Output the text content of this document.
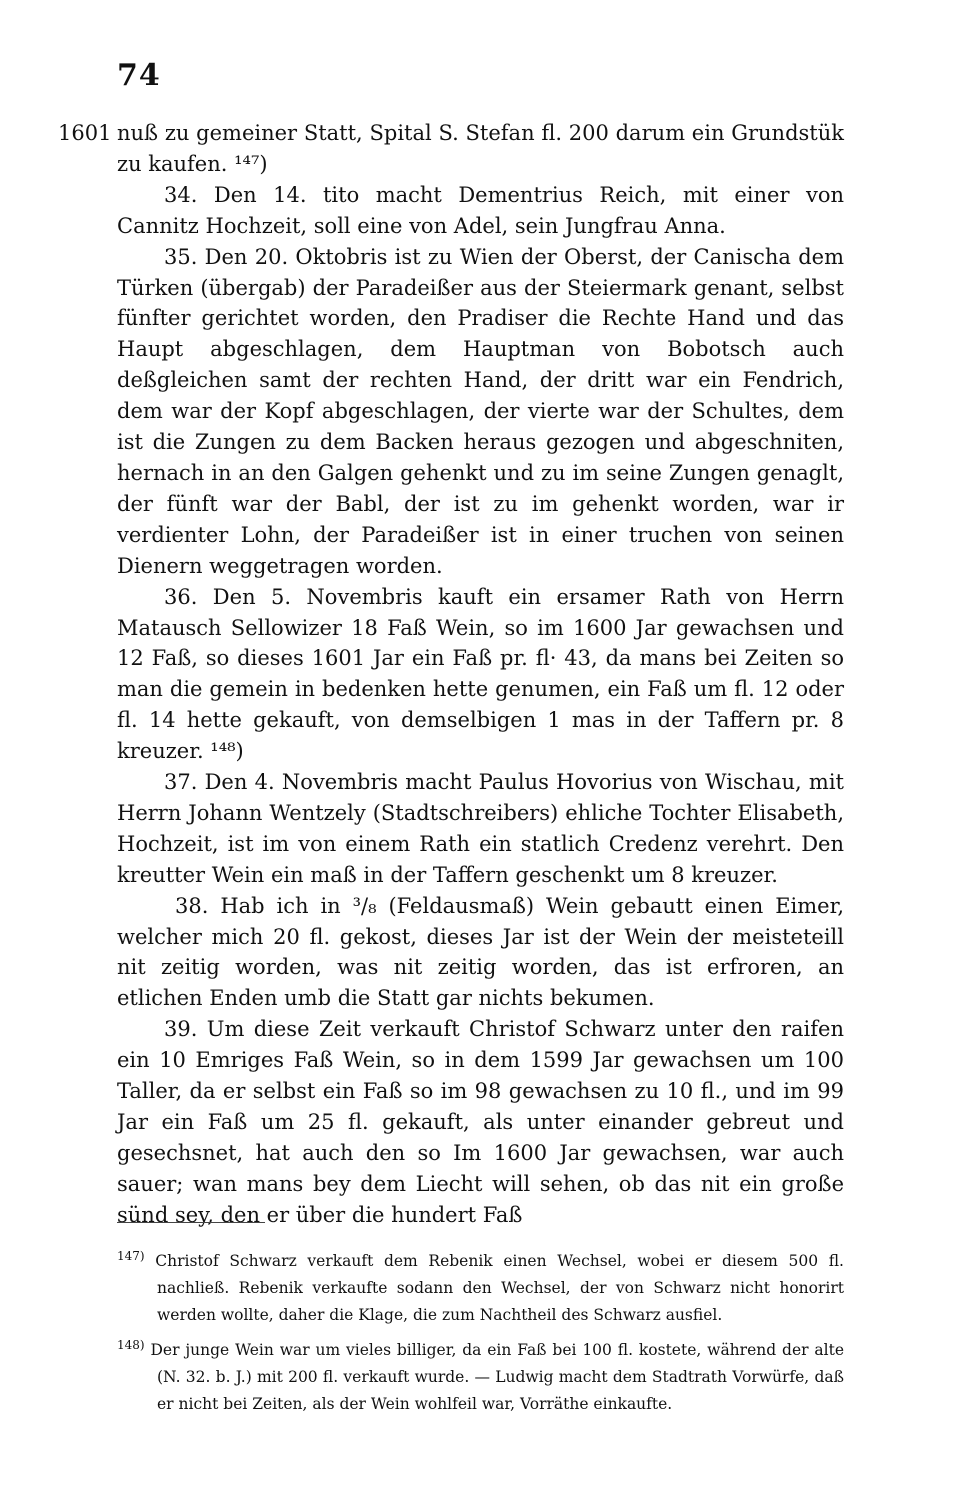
74
1601 nuß zu gemeiner Statt, Spital S. Stefan fl. 200 darum ein Grundstük zu kaufen. ¹⁴⁷)

34. Den 14. tito macht Dementrius Reich, mit einer von Cannitz Hochzeit, soll eine von Adel, sein Jungfrau Anna.

35. Den 20. Oktobris ist zu Wien der Oberst, der Canischa dem Türken (übergab) der Paradeißer aus der Steiermark genant, selbst fünfter gerichtet worden, den Pradiser die Rechte Hand und das Haupt abgeschlagen, dem Hauptman von Bobotsch auch deßgleichen samt der rechten Hand, der dritt war ein Fendrich, dem war der Kopf abgeschlagen, der vierte war der Schultes, dem ist die Zungen zu dem Backen heraus gezogen und abgeschniten, hernach in an den Galgen gehenkt und zu im seine Zungen genaglt, der fünft war der Babl, der ist zu im gehenkt worden, war ir verdienter Lohn, der Paradeißer ist in einer truchen von seinen Dienern weggetragen worden.

36. Den 5. Novembris kauft ein ersamer Rath von Herrn Matausch Sellowizer 18 Faß Wein, so im 1600 Jar gewachsen und 12 Faß, so dieses 1601 Jar ein Faß pr. fl· 43, da mans bei Zeiten so man die gemein in bedenken hette genumen, ein Faß um fl. 12 oder fl. 14 hette gekauft, von demselbigen 1 mas in der Taffern pr. 8 kreuzer. ¹⁴⁸)

37. Den 4. Novembris macht Paulus Hovorius von Wischau, mit Herrn Johann Wentzely (Stadtschreibers) ehliche Tochter Elisabeth, Hochzeit, ist im von einem Rath ein statlich Credenz verehrt. Den kreutter Wein ein maß in der Taffern geschenkt um 8 kreuzer.

38. Hab ich in ³/₈ (Feldausmaß) Wein gebautt einen Eimer, welcher mich 20 fl. gekost, dieses Jar ist der Wein der meisteteill nit zeitig worden, was nit zeitig worden, das ist erfroren, an etlichen Enden umb die Statt gar nichts bekumen.

39. Um diese Zeit verkauft Christof Schwarz unter den raifen ein 10 Emriges Faß Wein, so in dem 1599 Jar gewachsen um 100 Taller, da er selbst ein Faß so im 98 gewachsen zu 10 fl., und im 99 Jar ein Faß um 25 fl. gekauft, als unter einander gebreut und gesechsnet, hat auch den so Im 1600 Jar gewachsen, war auch sauer; wan mans bey dem Liecht will sehen, ob das nit ein große sünd sey, den er über die hundert Faß

$^{147)}$ Christof Schwarz verkauft dem Rebenik einen Wechsel, wobei er diesem 500 fl. nachließ. Rebenik verkaufte sodann den Wechsel, der von Schwarz nicht honorirt werden wollte, daher die Klage, die zum Nachtheil des Schwarz ausfiel.

$^{148)}$ Der junge Wein war um vieles billiger, da ein Faß bei 100 fl. kostete, während der alte (N. 32. b. J.) mit 200 fl. verkauft wurde. — Ludwig macht dem Stadtrath Vorwürfe, daß er nicht bei Zeiten, als der Wein wohlfeil war, Vorräthe einkaufte.
